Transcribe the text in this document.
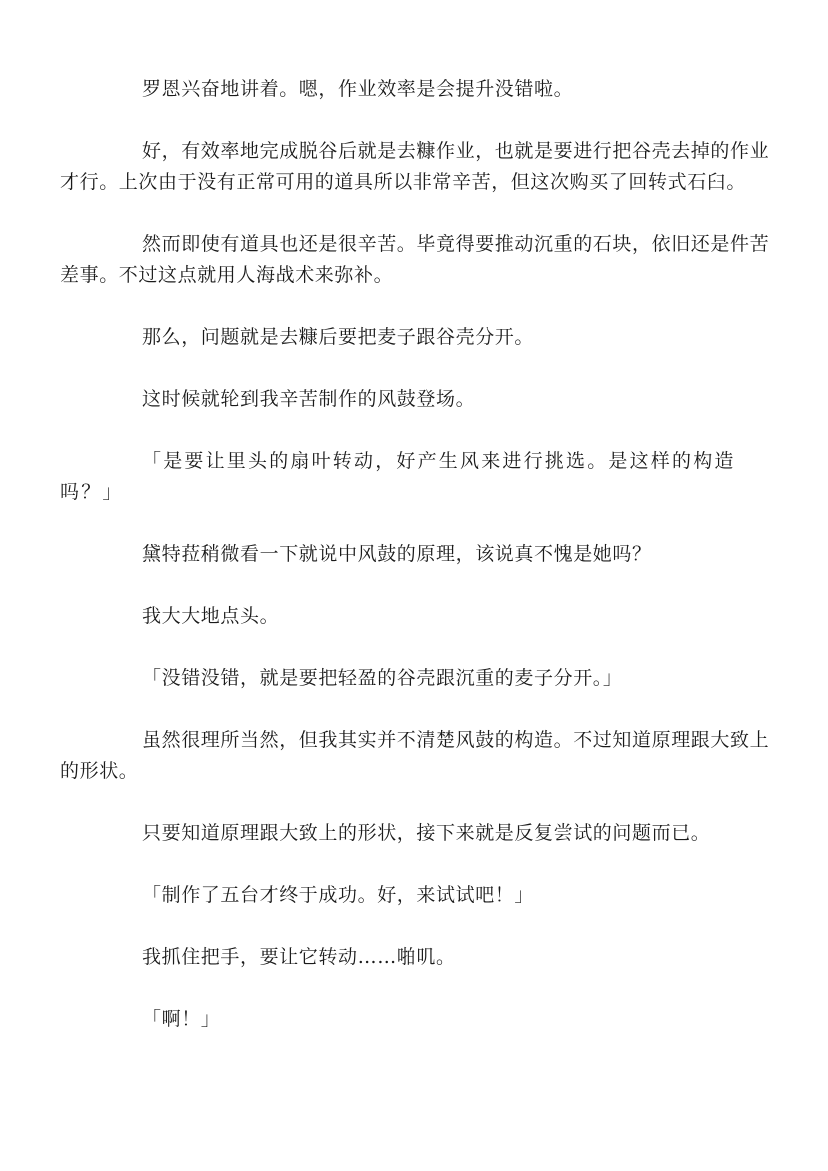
罗恩兴奋地讲着。嗯，作业效率是会提升没错啦。

好，有效率地完成脱谷后就是去糠作业，也就是要进行把谷壳去掉的作业才行。上次由于没有正常可用的道具所以非常辛苦，但这次购买了回转式石臼。

然而即使有道具也还是很辛苦。毕竟得要推动沉重的石块，依旧还是件苦差事。不过这点就用人海战术来弥补。

那么，问题就是去糠后要把麦子跟谷壳分开。

这时候就轮到我辛苦制作的风鼓登场。

「是要让里头的扇叶转动，好产生风来进行挑选。是这样的构造吗？」

黛特菈稍微看一下就说中风鼓的原理，该说真不愧是她吗？

我大大地点头。

「没错没错，就是要把轻盈的谷壳跟沉重的麦子分开。」

虽然很理所当然，但我其实并不清楚风鼓的构造。不过知道原理跟大致上的形状。

只要知道原理跟大致上的形状，接下来就是反复尝试的问题而已。

「制作了五台才终于成功。好，来试试吧！」

我抓住把手，要让它转动……啪叽。

「啊！」
